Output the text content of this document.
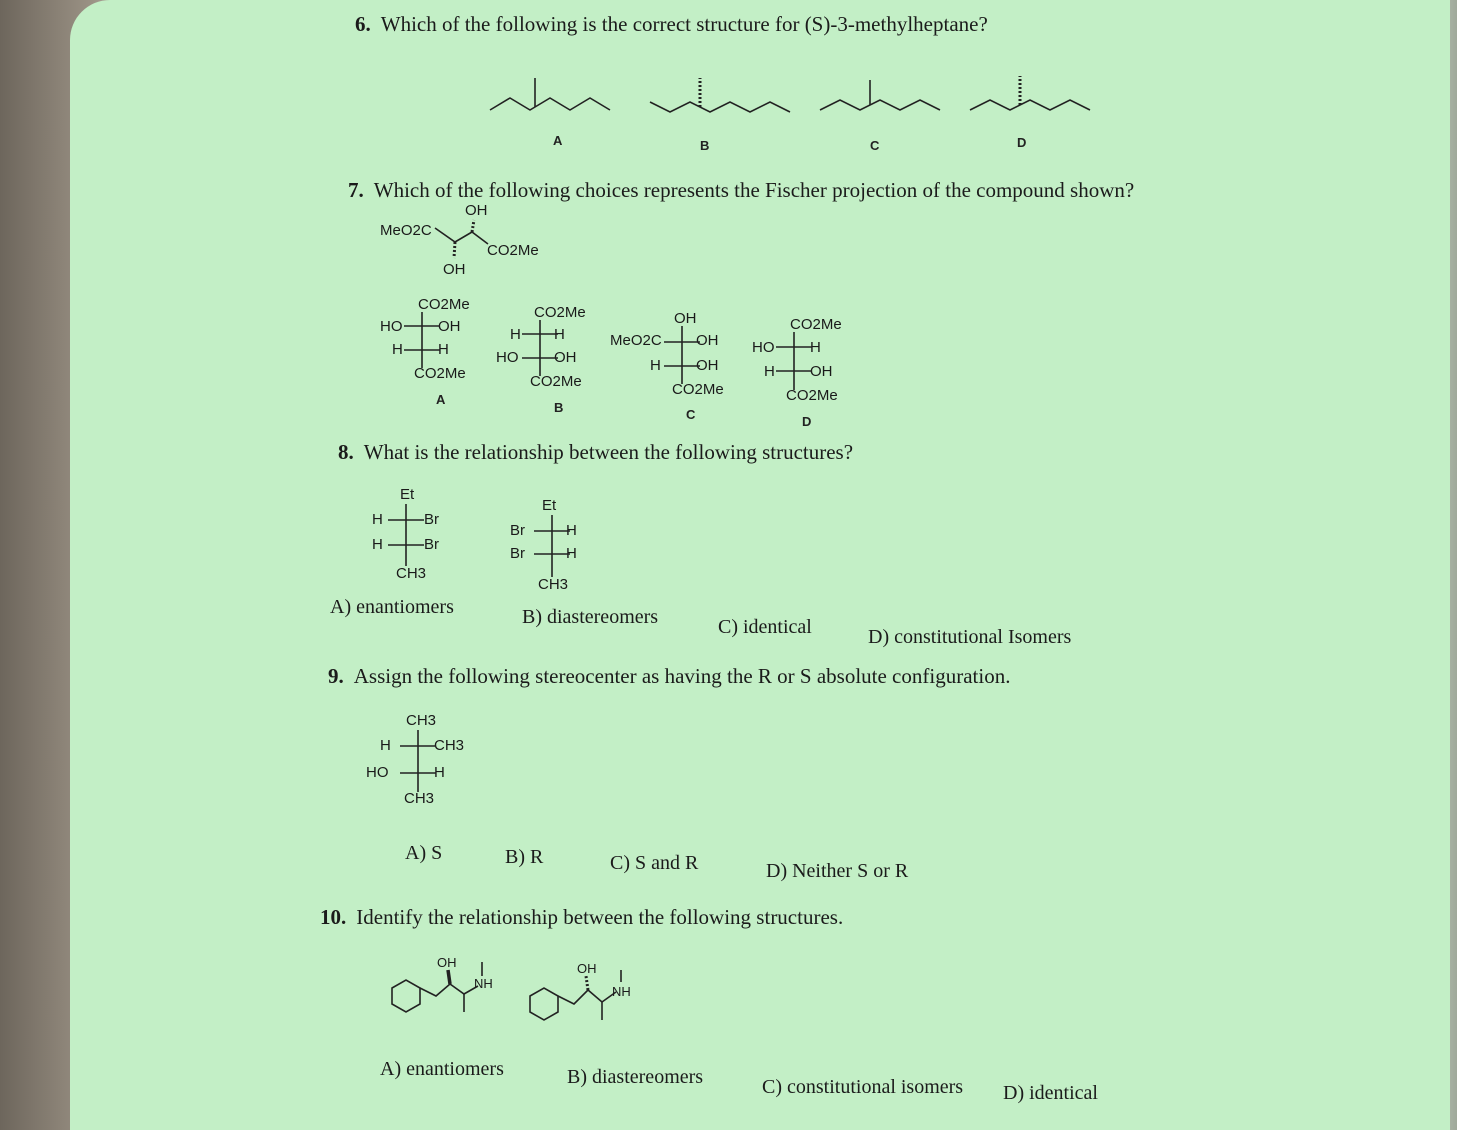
6. Which of the following is the correct structure for (S)-3-methylheptane?
A	B	C	D
7. Which of the following choices represents the Fischer projection of the compound shown?
OH
MeO2C
CO2Me
OH
CO2Me
HO OH
H H
CO2Me
A
CO2Me
H H
HO OH
CO2Me
B
OH
MeO2C OH
H OH
CO2Me
C
CO2Me
HO H
H OH
CO2Me
D
8. What is the relationship between the following structures?
Et
H	Br
H	Br
CH3
Et
Br	H
Br	H
CH3
A) enantiomers	B) diastereomers	C) identical	D) constitutional Isomers
9. Assign the following stereocenter as having the R or S absolute configuration.
CH3
H	CH3
HO	H
CH3
A) S	B) R	C) S and R	D) Neither S or R
10. Identify the relationship between the following structures.
OH
NH
OH
NH
A) enantiomers	B) diastereomers	C) constitutional isomers D) identical
